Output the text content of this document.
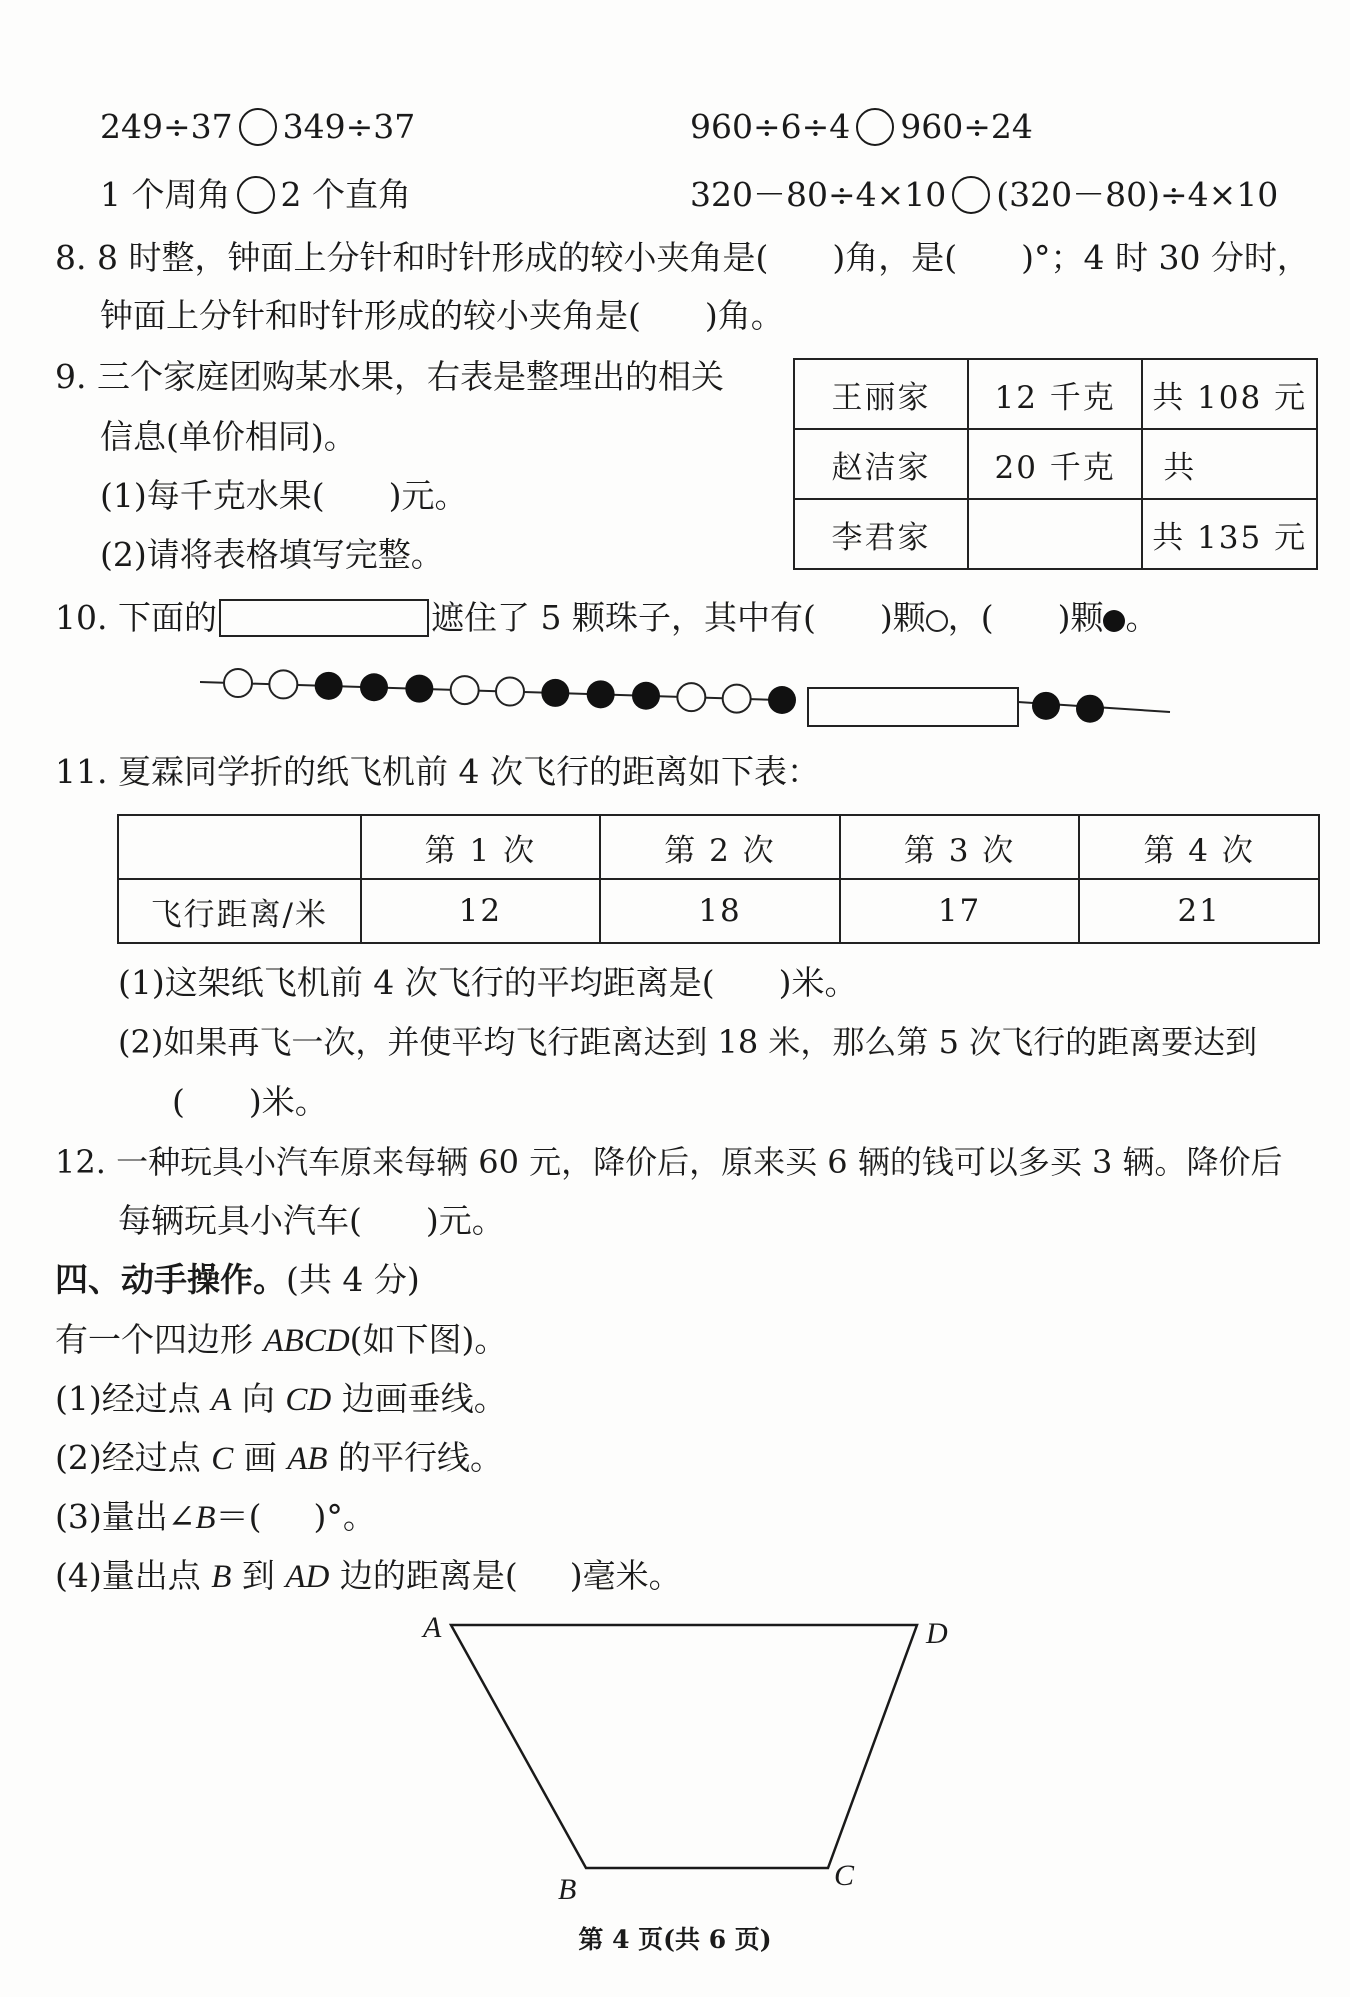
249÷37 349÷37	960÷6÷4 960÷24
1 个周角 2 个直角	320－80÷4×10 (320－80)÷4×10
8. 8 时整，钟面上分针和时针形成的较小夹角是( )角，是( )°；4 时 30 分时，
钟面上分针和时针形成的较小夹角是( )角。
9. 三个家庭团购某水果，右表是整理出的相关
信息(单价相同)。
(1)每千克水果( )元。
(2)请将表格填写完整。
王丽家	12 千克	共 108 元
赵洁家	20 千克	共
李君家		共 135 元
10. 下面的	遮住了 5 颗珠子，其中有( )颗 ，( )颗 。
11. 夏霖同学折的纸飞机前 4 次飞行的距离如下表：
	第 1 次	第 2 次	第 3 次	第 4 次
飞行距离/米	12	18	17	21
(1)这架纸飞机前 4 次飞行的平均距离是( )米。
(2)如果再飞一次，并使平均飞行距离达到 18 米，那么第 5 次飞行的距离要达到
( )米。
12. 一种玩具小汽车原来每辆 60 元，降价后，原来买 6 辆的钱可以多买 3 辆。降价后
每辆玩具小汽车( )元。
四、动手操作。(共 4 分)
有一个四边形 ABCD(如下图)。
(1)经过点 A 向 CD 边画垂线。
(2)经过点 C 画 AB 的平行线。
(3)量出∠B＝( )°。
(4)量出点 B 到 AD 边的距离是( )毫米。
A	D
B	C
第 4 页(共 6 页)
